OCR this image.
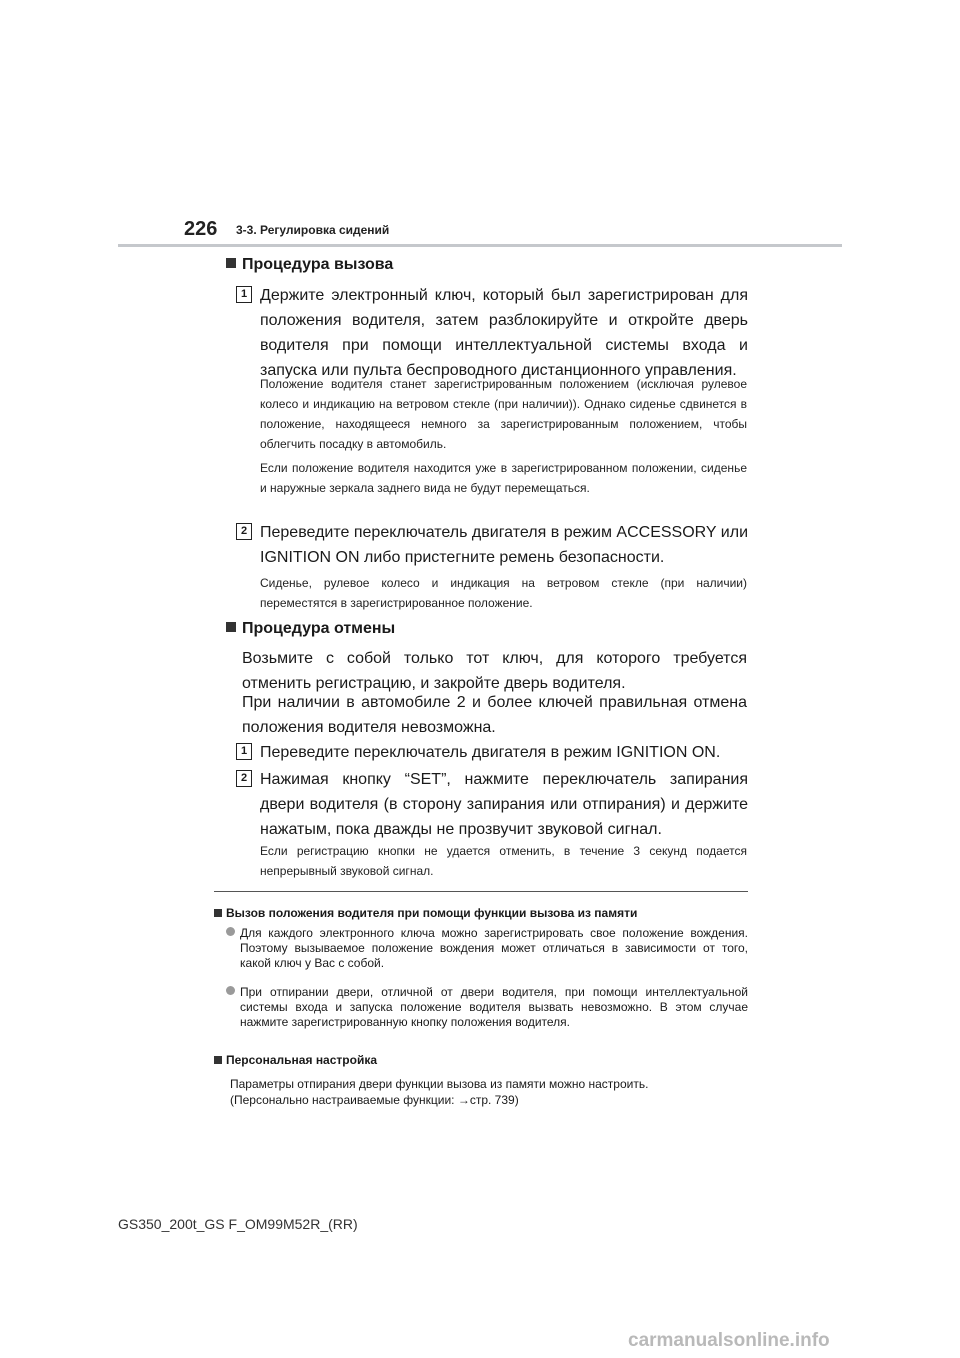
226 3-3. Регулировка сидений
Процедура вызова
1 Держите электронный ключ, который был зарегистрирован для положения водителя, затем разблокируйте и откройте дверь водителя при помощи интеллектуальной системы входа и запуска или пульта беспроводного дистанционного управления.
Положение водителя станет зарегистрированным положением (исключая рулевое колесо и индикацию на ветровом стекле (при наличии)). Однако сиденье сдвинется в положение, находящееся немного за зарегистрированным положением, чтобы облегчить посадку в автомобиль.
Если положение водителя находится уже в зарегистрированном положении, сиденье и наружные зеркала заднего вида не будут перемещаться.
2 Переведите переключатель двигателя в режим ACCESSORY или IGNITION ON либо пристегните ремень безопасности.
Сиденье, рулевое колесо и индикация на ветровом стекле (при наличии) переместятся в зарегистрированное положение.
Процедура отмены
Возьмите с собой только тот ключ, для которого требуется отменить регистрацию, и закройте дверь водителя.
При наличии в автомобиле 2 и более ключей правильная отмена положения водителя невозможна.
1 Переведите переключатель двигателя в режим IGNITION ON.
2 Нажимая кнопку “SET”, нажмите переключатель запирания двери водителя (в сторону запирания или отпирания) и держите нажатым, пока дважды не прозвучит звуковой сигнал.
Если регистрацию кнопки не удается отменить, в течение 3 секунд подается непрерывный звуковой сигнал.
Вызов положения водителя при помощи функции вызова из памяти
Для каждого электронного ключа можно зарегистрировать свое положение вождения. Поэтому вызываемое положение вождения может отличаться в зависимости от того, какой ключ у Вас с собой.
При отпирании двери, отличной от двери водителя, при помощи интеллектуальной системы входа и запуска положение водителя вызвать невозможно. В этом случае нажмите зарегистрированную кнопку положения водителя.
Персональная настройка
Параметры отпирания двери функции вызова из памяти можно настроить.
(Персонально настраиваемые функции: →стр. 739)
GS350_200t_GS F_OM99M52R_(RR)
carmanualsonline.info
